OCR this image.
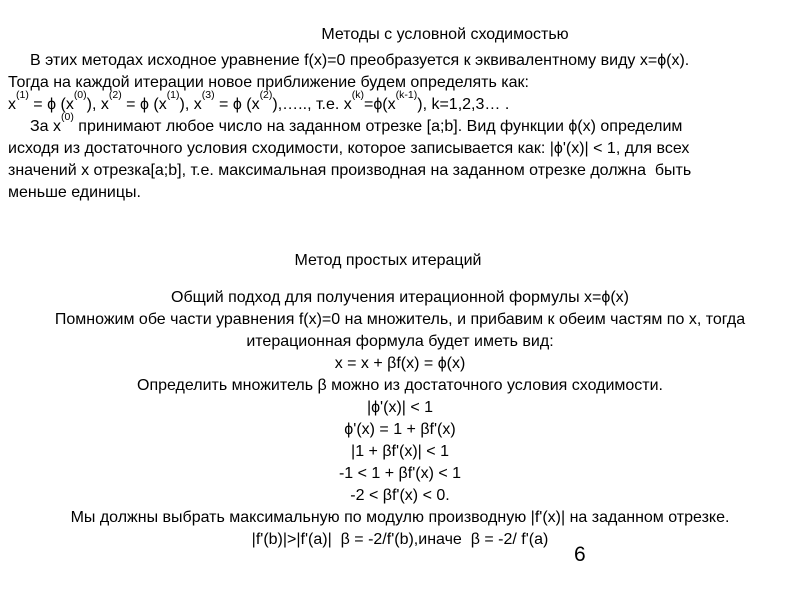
Методы с условной сходимостью
В этих методах исходное уравнение f(x)=0 преобразуется к эквивалентному виду x=ϕ(x).
Тогда на каждой итерации новое приближение будем определять как:
$x^{(1)} = \phi$ $(x^{(0)})$, $x^{(2)} = \phi$ $(x^{(1)})$, $x^{(3)} = \phi$ $(x^{(2)}),\dots$.., т.е. $x^{(k)}=\phi(x^{(k-1)})$, k=1,2,3… .
За $x^{(0)}$ принимают любое число на заданном отрезке [a;b]. Вид функции ϕ(x) определим
исходя из достаточного условия сходимости, которое записывается как: |ϕ'(x)| < 1, для всех
значений x отрезка[a;b], т.е. максимальная производная на заданном отрезке должна  быть
меньше единицы.
Метод простых итераций
Общий подход для получения итерационной формулы x=ϕ(x)
Помножим обе части уравнения f(x)=0 на множитель, и прибавим к обеим частям по x, тогда
итерационная формула будет иметь вид:
x = x + βf(x) = ϕ(x)
Определить множитель β можно из достаточного условия сходимости.
|ϕ'(x)| < 1
ϕ'(x) = 1 + βf'(x)
|1 + βf'(x)| < 1
-1 < 1 + βf'(x) < 1
-2 < βf'(x) < 0.
Мы должны выбрать максимальную по модулю производную |f'(x)| на заданном отрезке.
|f'(b)|>|f'(a)|  β = -2/f'(b),иначе  β = -2/ f'(a)
6
